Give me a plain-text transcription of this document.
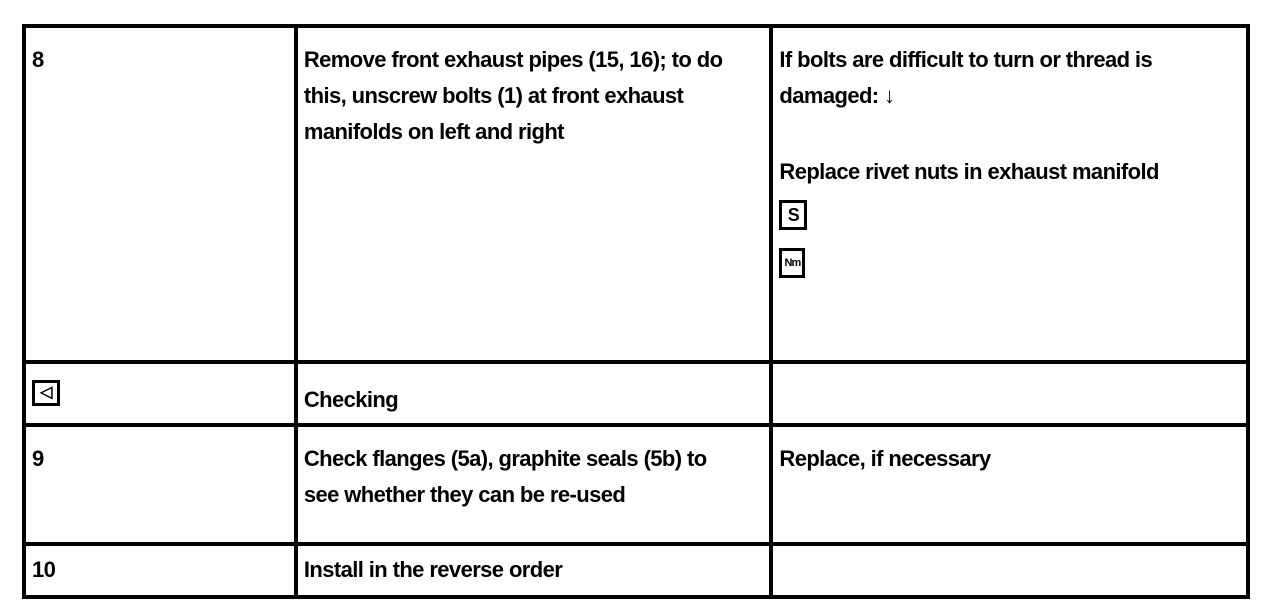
8	Remove front exhaust pipes (15, 16); to do
this, unscrew bolts (1) at front exhaust
manifolds on left and right	If bolts are difficult to turn or thread is
damaged: ↓
Replace rivet nuts in exhaust manifold
S
Nm

◁	Checking	

9	Check flanges (5a), graphite seals (5b) to
see whether they can be re-used	Replace, if necessary

10	Install in the reverse order	
